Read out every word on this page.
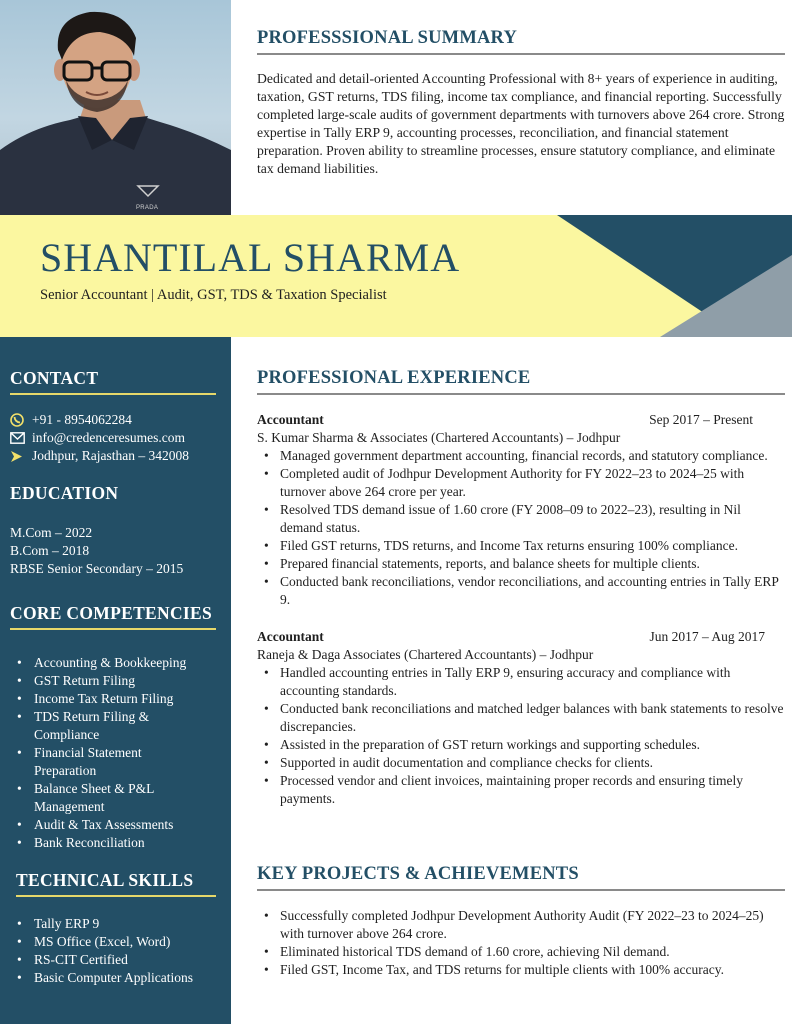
PRADA
PROFESSSIONAL SUMMARY

Dedicated and detail-oriented Accounting Professional with 8+ years of experience in auditing, taxation, GST returns, TDS filing, income tax compliance, and financial reporting. Successfully completed large-scale audits of government departments with turnovers above 264 crore. Strong expertise in Tally ERP 9, accounting processes, reconciliation, and financial statement preparation. Proven ability to streamline processes, ensure statutory compliance, and eliminate tax demand liabilities.

SHANTILAL SHARMA
Senior Accountant | Audit, GST, TDS & Taxation Specialist
CONTACT
+91 - 8954062284
info@credenceresumes.com
Jodhpur, Rajasthan – 342008
EDUCATION
M.Com – 2022
B.Com – 2018
RBSE Senior Secondary – 2015
CORE COMPETENCIES
• Accounting & Bookkeeping
• GST Return Filing
• Income Tax Return Filing
• TDS Return Filing & Compliance
• Financial Statement Preparation
• Balance Sheet & P&L Management
• Audit & Tax Assessments
• Bank Reconciliation
TECHNICAL SKILLS
• Tally ERP 9
• MS Office (Excel, Word)
• RS-CIT Certified
• Basic Computer Applications
PROFESSIONAL EXPERIENCE
Accountant	Sep 2017 – Present
S. Kumar Sharma & Associates (Chartered Accountants) – Jodhpur
• Managed government department accounting, financial records, and statutory compliance.
• Completed audit of Jodhpur Development Authority for FY 2022–23 to 2024–25 with turnover above 264 crore per year.
• Resolved TDS demand issue of 1.60 crore (FY 2008–09 to 2022–23), resulting in Nil demand status.
• Filed GST returns, TDS returns, and Income Tax returns ensuring 100% compliance.
• Prepared financial statements, reports, and balance sheets for multiple clients.
• Conducted bank reconciliations, vendor reconciliations, and accounting entries in Tally ERP 9.
Accountant	Jun 2017 – Aug 2017
Raneja & Daga Associates (Chartered Accountants) – Jodhpur
• Handled accounting entries in Tally ERP 9, ensuring accuracy and compliance with accounting standards.
• Conducted bank reconciliations and matched ledger balances with bank statements to resolve discrepancies.
• Assisted in the preparation of GST return workings and supporting schedules.
• Supported in audit documentation and compliance checks for clients.
• Processed vendor and client invoices, maintaining proper records and ensuring timely payments.
KEY PROJECTS & ACHIEVEMENTS
• Successfully completed Jodhpur Development Authority Audit (FY 2022–23 to 2024–25) with turnover above 264 crore.
• Eliminated historical TDS demand of 1.60 crore, achieving Nil demand.
• Filed GST, Income Tax, and TDS returns for multiple clients with 100% accuracy.
